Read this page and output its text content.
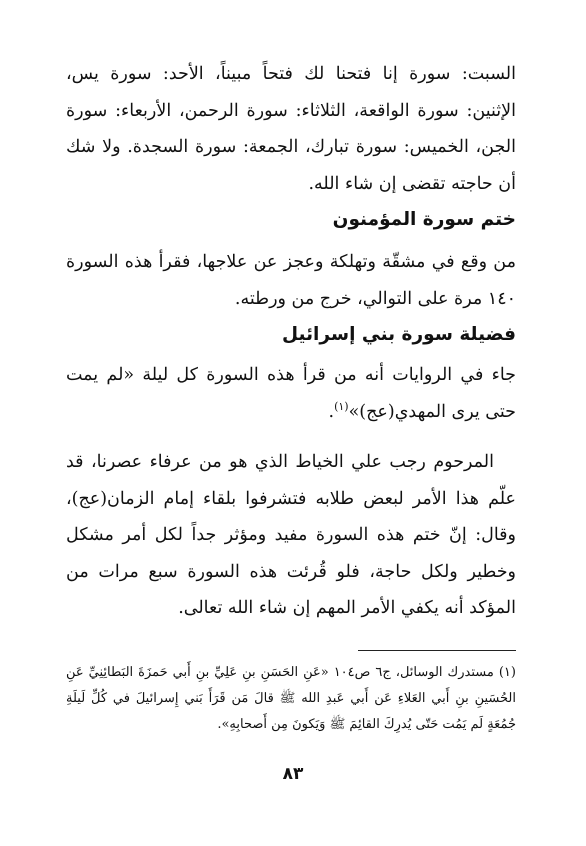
السبت: سورة إنا فتحنا لك فتحاً مبيناً، الأحد: سورة يس، الإثنين: سورة الواقعة، الثلاثاء: سورة الرحمن، الأربعاء: سورة الجن، الخميس: سورة تبارك، الجمعة: سورة السجدة. ولا شك أن حاجته تقضى إن شاء الله.

ختم سورة المؤمنون

من وقع في مشقّة وتهلكة وعجز عن علاجها، فقرأ هذه السورة ١٤٠ مرة على التوالي، خرج من ورطته.

فضيلة سورة بني إسرائيل

جاء في الروايات أنه من قرأ هذه السورة كل ليلة «لم يمت حتى يرى المهدي(عج)»$^{(١)}$.

المرحوم رجب علي الخياط الذي هو من عرفاء عصرنا، قد علّم هذا الأمر لبعض طلابه فتشرفوا بلقاء إمام الزمان(عج)، وقال: إنّ ختم هذه السورة مفيد ومؤثر جداً لكل أمر مشكل وخطير ولكل حاجة، فلو قُرئت هذه السورة سبع مرات من المؤكد أنه يكفي الأمر المهم إن شاء الله تعالى.

(١) مستدرك الوسائل، ج٦ ص١٠٤ «عَنِ الحَسَنِ بنِ عَلِيِّ بنِ أَبي حَمزَةَ البَطائِنِيِّ عَنِ الحُسَينِ بنِ أَبي العَلاءِ عَن أَبي عَبدِ الله ﷺ قالَ مَن قَرَأَ بَني إِسرائيلَ في كُلِّ لَيلَةِ جُمُعَةٍ لَم يَمُت حَتّى يُدرِكَ القائِمَ ﷺ وَيَكونَ مِن أَصحابِهِ».

٨٣
